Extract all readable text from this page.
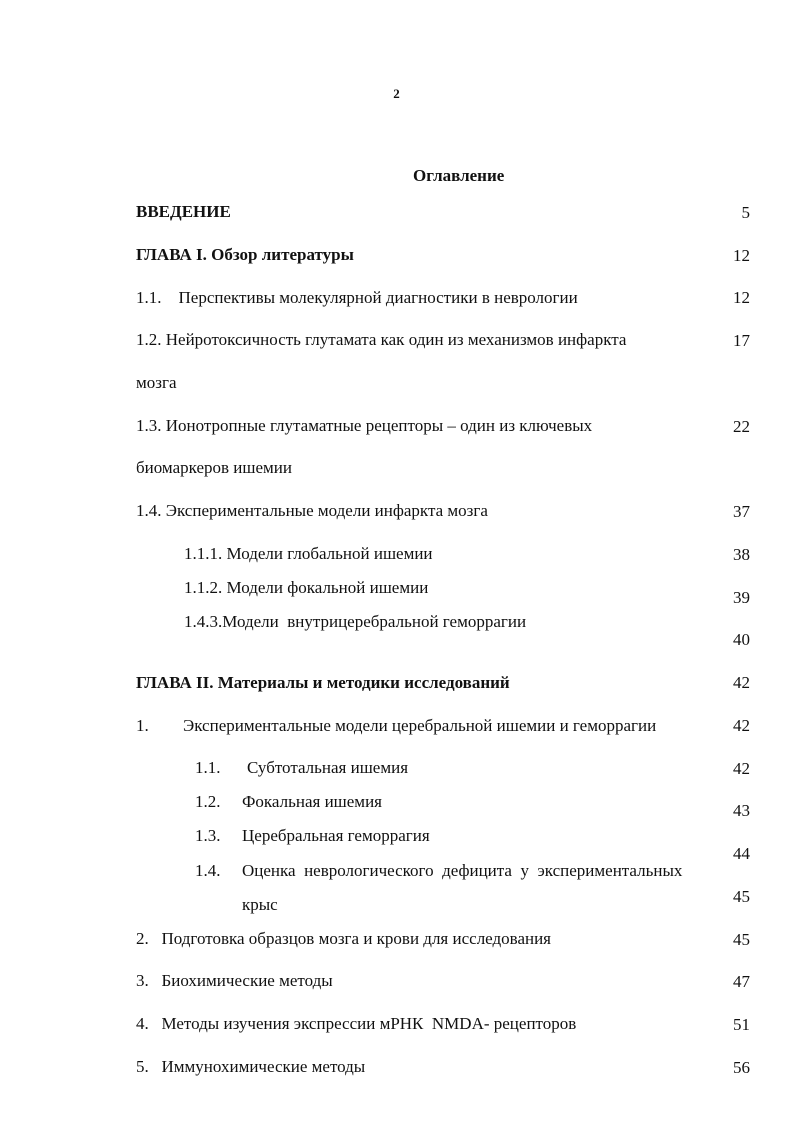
2
Оглавление
ВВЕДЕНИЕ
ГЛАВА I. Обзор литературы
1.1.    Перспективы молекулярной диагностики в неврологии
1.2. Нейротоксичность глутамата как один из механизмов инфаркта
мозга
1.3. Ионотропные глутаматные рецепторы – один из ключевых
биомаркеров ишемии
1.4. Экспериментальные модели инфаркта мозга
1.1.1. Модели глобальной ишемии
1.1.2. Модели фокальной ишемии
1.4.3.Модели  внутрицеребральной геморрагии
ГЛАВА II. Материалы и методики исследований
1. Экспериментальные модели церебральной ишемии и геморрагии
1.1. Субтотальная ишемия
1.2. Фокальная ишемия
1.3. Церебральная геморрагия
1.4. Оценка  неврологического  дефицита  у  экспериментальных
крыс
2.   Подготовка образцов мозга и крови для исследования
3.   Биохимические методы
4.   Методы изучения экспрессии мРНК  NMDA- рецепторов
5.   Иммунохимические методы
5
12
12
17
22
37
38
39
40
42
42
42
43
44
45
45
47
51
56
